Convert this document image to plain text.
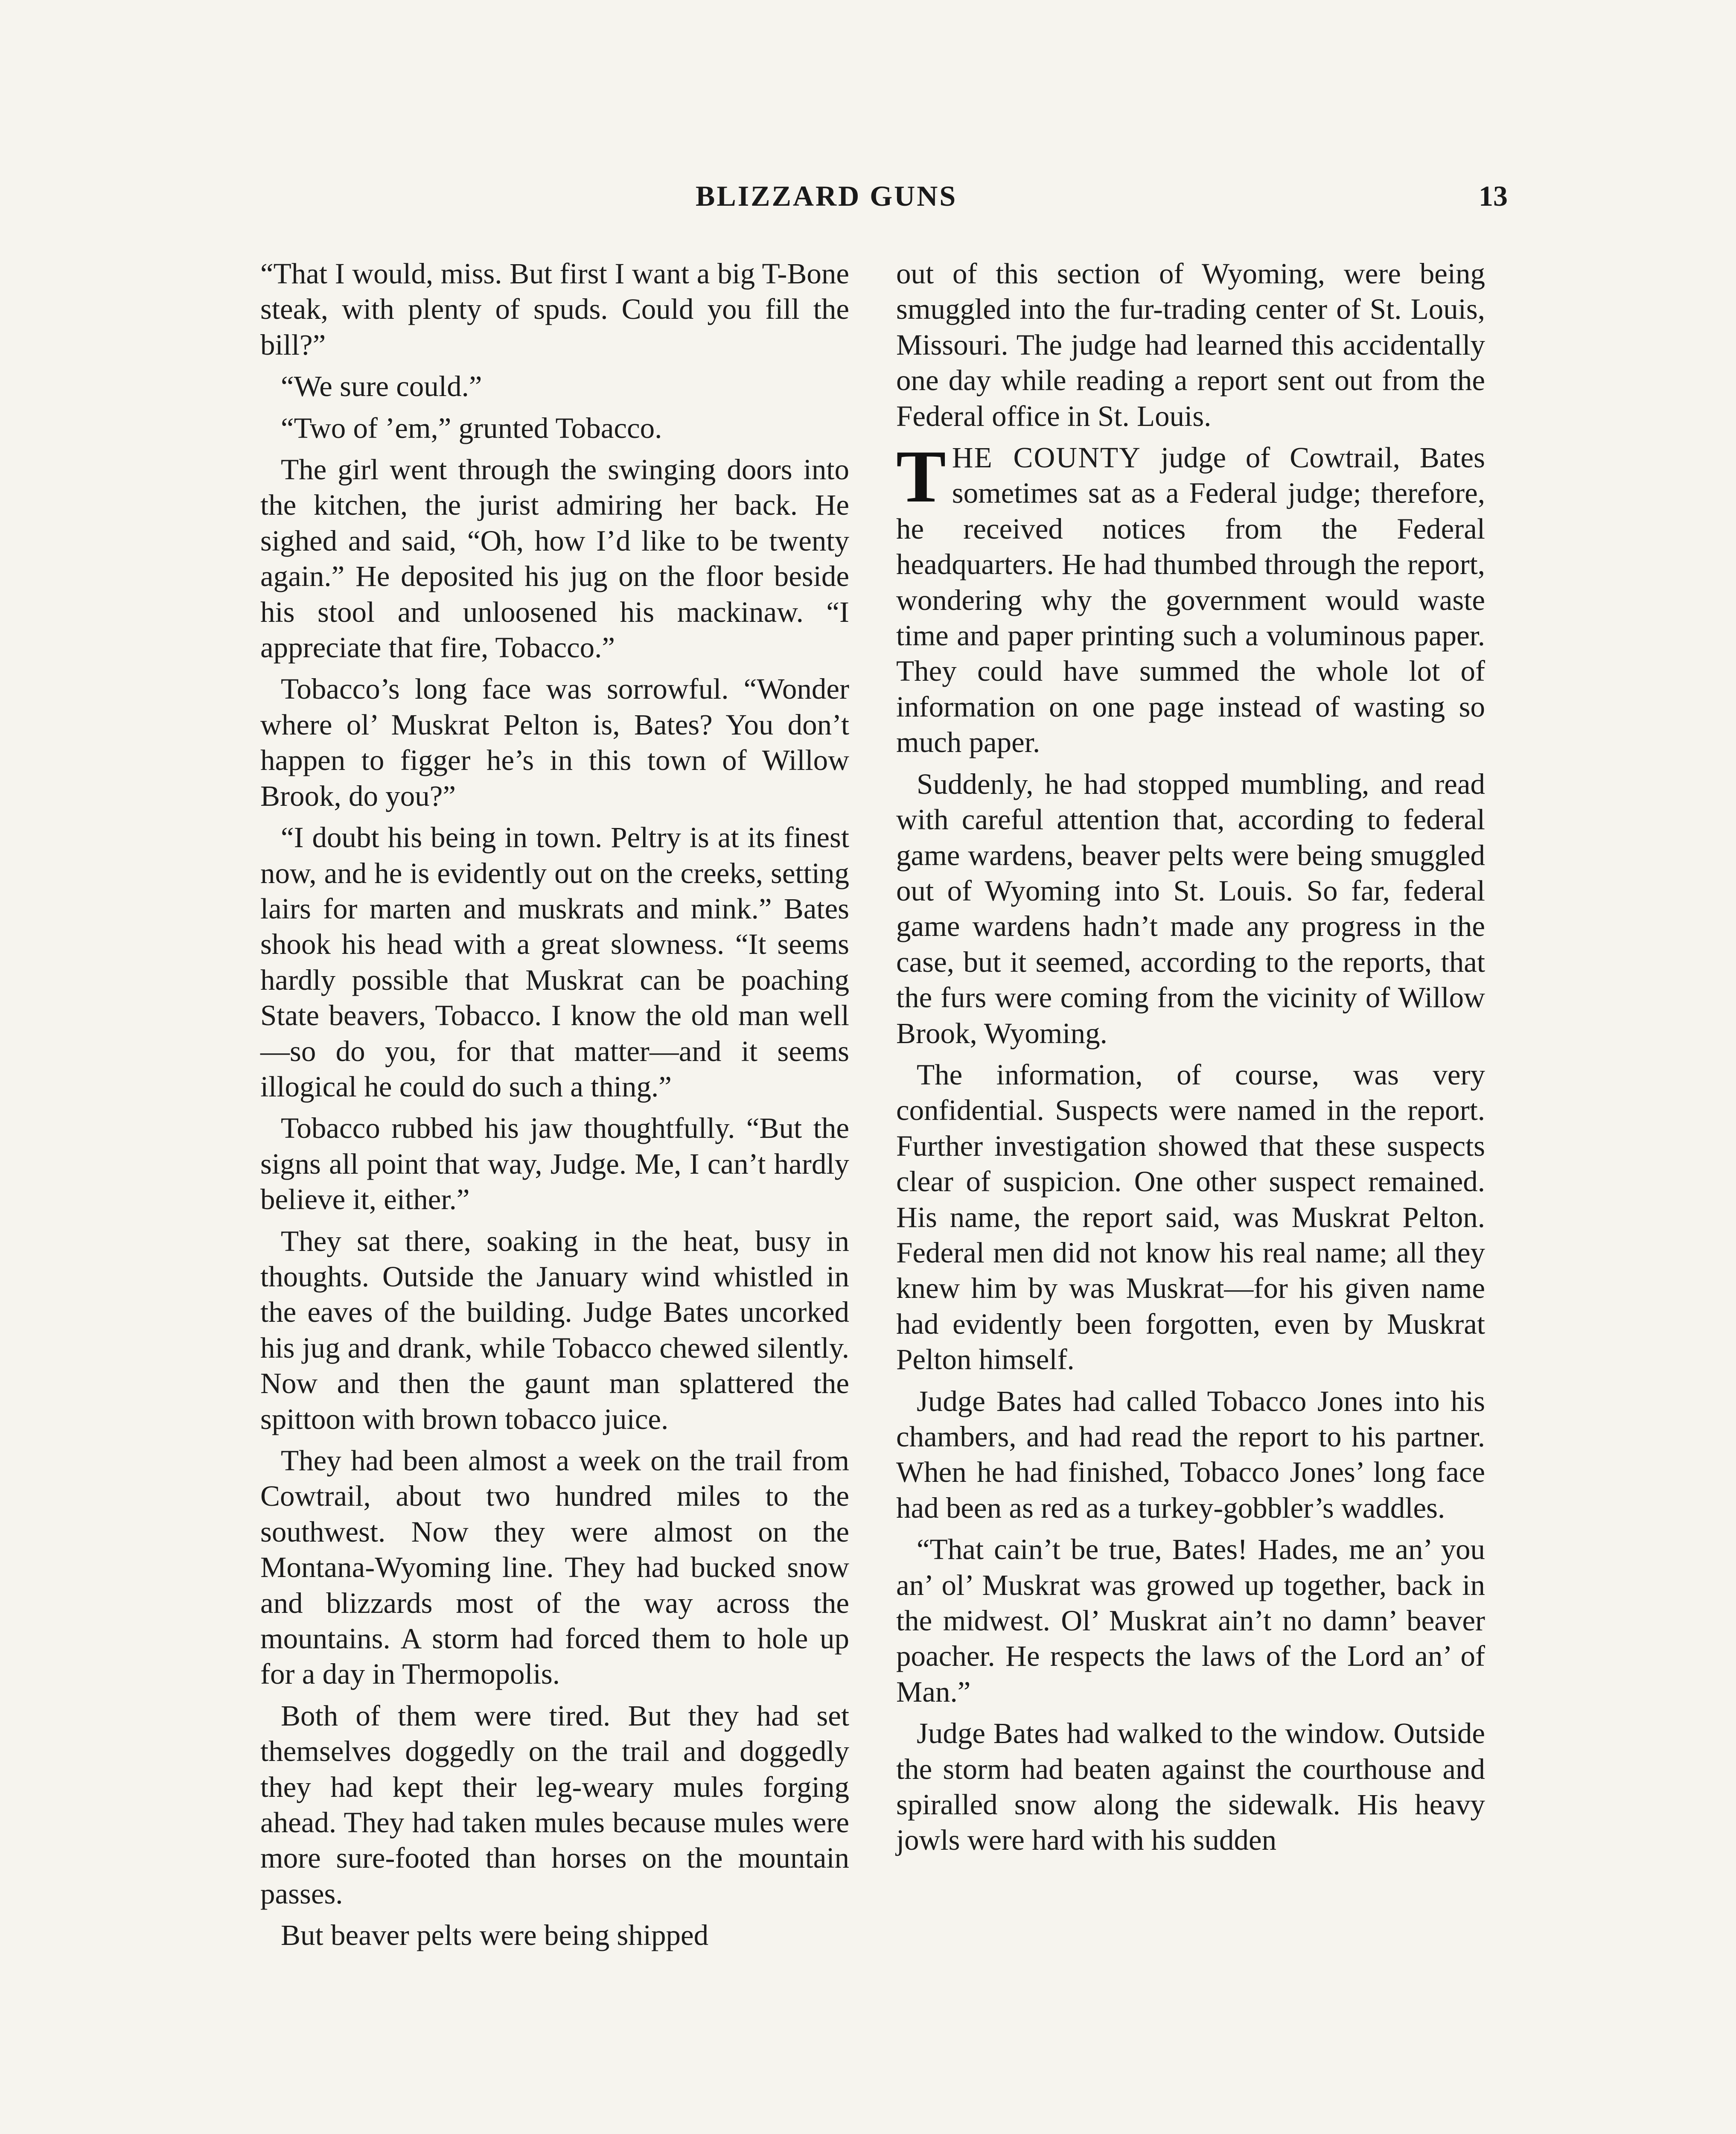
BLIZZARD GUNS	13

“That I would, miss. But first I want a big T-Bone steak, with plenty of spuds. Could you fill the bill?”

“We sure could.”

“Two of ’em,” grunted Tobacco.

The girl went through the swinging doors into the kitchen, the jurist admiring her back. He sighed and said, “Oh, how I’d like to be twenty again.” He deposited his jug on the floor beside his stool and unloosened his mackinaw. “I appreciate that fire, Tobacco.”

Tobacco’s long face was sorrowful. “Wonder where ol’ Muskrat Pelton is, Bates? You don’t happen to figger he’s in this town of Willow Brook, do you?”

“I doubt his being in town. Peltry is at its finest now, and he is evidently out on the creeks, setting lairs for marten and muskrats and mink.” Bates shook his head with a great slowness. “It seems hardly possible that Muskrat can be poaching State beavers, Tobacco. I know the old man well—so do you, for that matter—and it seems illogical he could do such a thing.”

Tobacco rubbed his jaw thoughtfully. “But the signs all point that way, Judge. Me, I can’t hardly believe it, either.”

They sat there, soaking in the heat, busy in thoughts. Outside the January wind whistled in the eaves of the building. Judge Bates uncorked his jug and drank, while Tobacco chewed silently. Now and then the gaunt man splattered the spittoon with brown tobacco juice.

They had been almost a week on the trail from Cowtrail, about two hundred miles to the southwest. Now they were almost on the Montana-Wyoming line. They had bucked snow and blizzards most of the way across the mountains. A storm had forced them to hole up for a day in Thermopolis.

Both of them were tired. But they had set themselves doggedly on the trail and doggedly they had kept their leg-weary mules forging ahead. They had taken mules because mules were more sure-footed than horses on the mountain passes.

But beaver pelts were being shipped

out of this section of Wyoming, were being smuggled into the fur-trading center of St. Louis, Missouri. The judge had learned this accidentally one day while reading a report sent out from the Federal office in St. Louis.

THE COUNTY judge of Cowtrail, Bates sometimes sat as a Federal judge; therefore, he received notices from the Federal headquarters. He had thumbed through the report, wondering why the government would waste time and paper printing such a voluminous paper. They could have summed the whole lot of information on one page instead of wasting so much paper.

Suddenly, he had stopped mumbling, and read with careful attention that, according to federal game wardens, beaver pelts were being smuggled out of Wyoming into St. Louis. So far, federal game wardens hadn’t made any progress in the case, but it seemed, according to the reports, that the furs were coming from the vicinity of Willow Brook, Wyoming.

The information, of course, was very confidential. Suspects were named in the report. Further investigation showed that these suspects clear of suspicion. One other suspect remained. His name, the report said, was Muskrat Pelton. Federal men did not know his real name; all they knew him by was Muskrat—for his given name had evidently been forgotten, even by Muskrat Pelton himself.

Judge Bates had called Tobacco Jones into his chambers, and had read the report to his partner. When he had finished, Tobacco Jones’ long face had been as red as a turkey-gobbler’s waddles.

“That cain’t be true, Bates! Hades, me an’ you an’ ol’ Muskrat was growed up together, back in the midwest. Ol’ Muskrat ain’t no damn’ beaver poacher. He respects the laws of the Lord an’ of Man.”

Judge Bates had walked to the window. Outside the storm had beaten against the courthouse and spiralled snow along the sidewalk. His heavy jowls were hard with his sudden
